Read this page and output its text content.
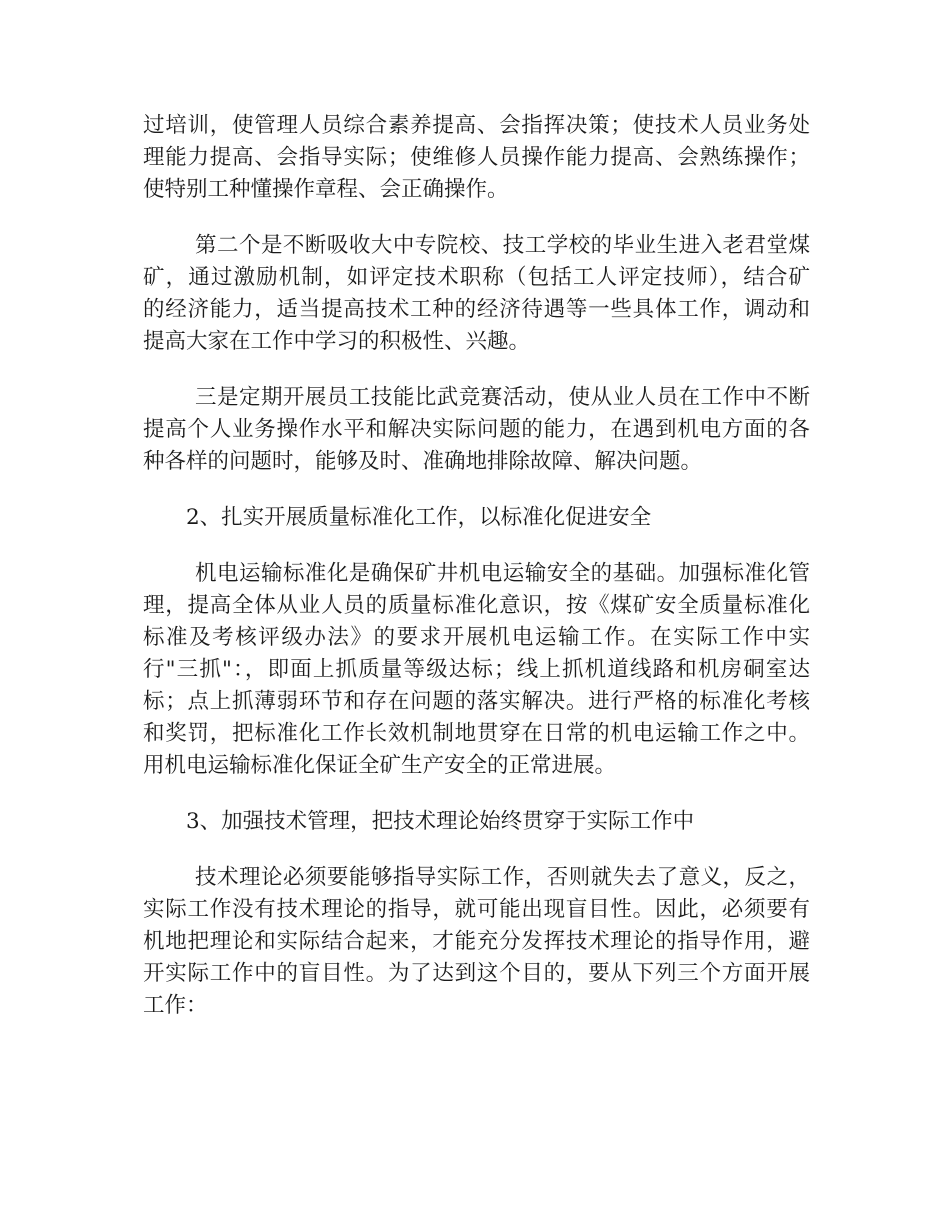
过培训，使管理人员综合素养提高、会指挥决策；使技术人员业务处
理能力提高、会指导实际；使维修人员操作能力提高、会熟练操作；
使特别工种懂操作章程、会正确操作。
第二个是不断吸收大中专院校、技工学校的毕业生进入老君堂煤
矿，通过激励机制，如评定技术职称（包括工人评定技师），结合矿
的经济能力，适当提高技术工种的经济待遇等一些具体工作，调动和
提高大家在工作中学习的积极性、兴趣。
三是定期开展员工技能比武竞赛活动，使从业人员在工作中不断
提高个人业务操作水平和解决实际问题的能力，在遇到机电方面的各
种各样的问题时，能够及时、准确地排除故障、解决问题。
2、扎实开展质量标准化工作，以标准化促进安全
机电运输标准化是确保矿井机电运输安全的基础。加强标准化管
理，提高全体从业人员的质量标准化意识，按《煤矿安全质量标准化
标准及考核评级办法》的要求开展机电运输工作。在实际工作中实
行"三抓"：，即面上抓质量等级达标；线上抓机道线路和机房硐室达
标；点上抓薄弱环节和存在问题的落实解决。进行严格的标准化考核
和奖罚，把标准化工作长效机制地贯穿在日常的机电运输工作之中。
用机电运输标准化保证全矿生产安全的正常进展。
3、加强技术管理，把技术理论始终贯穿于实际工作中
技术理论必须要能够指导实际工作，否则就失去了意义，反之，
实际工作没有技术理论的指导，就可能出现盲目性。因此，必须要有
机地把理论和实际结合起来，才能充分发挥技术理论的指导作用，避
开实际工作中的盲目性。为了达到这个目的，要从下列三个方面开展
工作：
